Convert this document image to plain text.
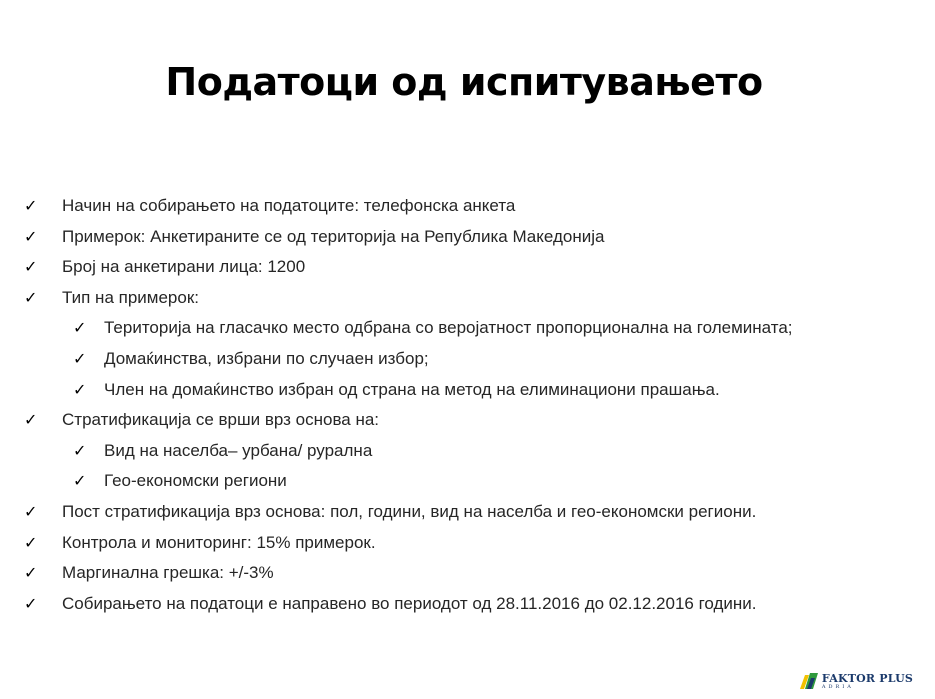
Податоци од испитувањето
✓ Начин на собирањето на податоците: телефонска анкета
✓ Примерок: Анкетираните се од територија на Република Македонија
✓ Број на анкетирани лица: 1200
✓ Тип на примерок:
✓ Територија на гласачко место одбрана со веројатност пропорционална на големината;
✓ Домаќинства, избрани по случаен избор;
✓ Член на домаќинство избран од страна на метод на елиминациони прашања.
✓ Стратификација се врши врз основа на:
✓ Вид на населба– урбана/ рурална
✓ Гео-економски региони
✓ Пост стратификација врз основа: пол, години, вид на населба и гео-економски региони.
✓ Контрола и мониторинг: 15% примерок.
✓ Маргинална грешка: +/-3%
✓ Собирањето на податоци е направено во периодот од 28.11.2016 до 02.12.2016 години.
FAKTOR PLUS
ADRIA
